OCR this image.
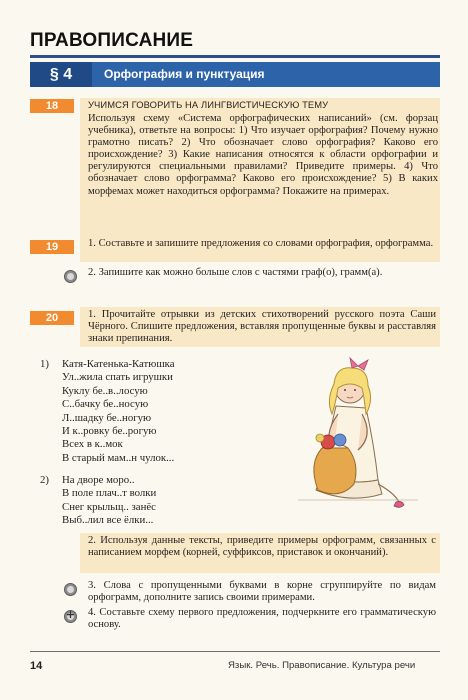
ПРАВОПИСАНИЕ
§ 4	Орфография и пунктуация
18	УЧИМСЯ ГОВОРИТЬ НА ЛИНГВИСТИЧЕСКУЮ ТЕМУ
Используя схему «Система орфографических написаний» (см. форзац учебника), ответьте на вопросы: 1) Что изучает орфография? Почему нужно грамотно писать? 2) Что обозначает слово орфография? Каково его происхождение? 3) Какие написания относятся к области орфографии и регулируются специальными правилами? Приведите примеры. 4) Что обозначает слово орфограмма? Каково его происхождение? 5) В каких морфемах может находиться орфограмма? Покажите на примерах.
19	1. Составьте и запишите предложения со словами орфография, орфограмма.
2. Запишите как можно больше слов с частями граф(о), грамм(а).
20	1. Прочитайте отрывки из детских стихотворений русского поэта Саши Чёрного. Спишите предложения, вставляя пропущенные буквы и расставляя знаки препинания.
1) Катя-Катенька-Катюшка
Ул..жила спать игрушки
Куклу бе..в..лосую
С..бачку бе..носую
Л..шадку бе..ногую
И к..ровку бе..рогую
Всех в к..мок
В старый мам..н чулок...
2) На дворе моро..
В поле плач..т волки
Снег крыльщ.. занёс
Выб..лил все ёлки...
2. Используя данные тексты, приведите примеры орфограмм, связанных с написанием морфем (корней, суффиксов, приставок и окончаний).
3. Слова с пропущенными буквами в корне сгруппируйте по видам орфограмм, дополните запись своими примерами.
+
4. Составьте схему первого предложения, подчеркните его грамматическую основу.
14	Язык. Речь. Правописание. Культура речи
